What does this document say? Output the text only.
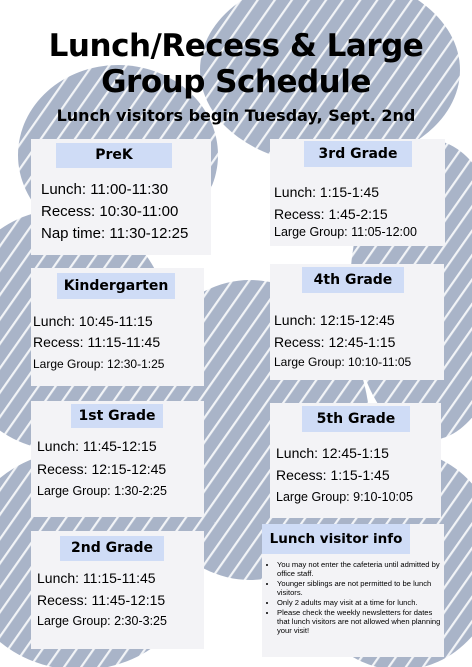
Lunch/Recess & Large
Group Schedule
Lunch visitors begin Tuesday, Sept. 2nd
PreK
Lunch: 11:00-11:30
Recess: 10:30-11:00
Nap time: 11:30-12:25
Kindergarten
Lunch: 10:45-11:15
Recess: 11:15-11:45
Large Group: 12:30-1:25
1st Grade
Lunch: 11:45-12:15
Recess: 12:15-12:45
Large Group: 1:30-2:25
2nd Grade
Lunch: 11:15-11:45
Recess: 11:45-12:15
Large Group: 2:30-3:25
3rd Grade
Lunch: 1:15-1:45
Recess: 1:45-2:15
Large Group: 11:05-12:00
4th Grade
Lunch: 12:15-12:45
Recess: 12:45-1:15
Large Group: 10:10-11:05
5th Grade
Lunch: 12:45-1:15
Recess: 1:15-1:45
Large Group: 9:10-10:05
Lunch visitor info
• You may not enter the cafeteria until admitted by office staff.
• Younger siblings are not permitted to be lunch visitors.
• Only 2 adults may visit at a time for lunch.
• Please check the weekly newsletters for dates that lunch visitors are not allowed when planning your visit!
